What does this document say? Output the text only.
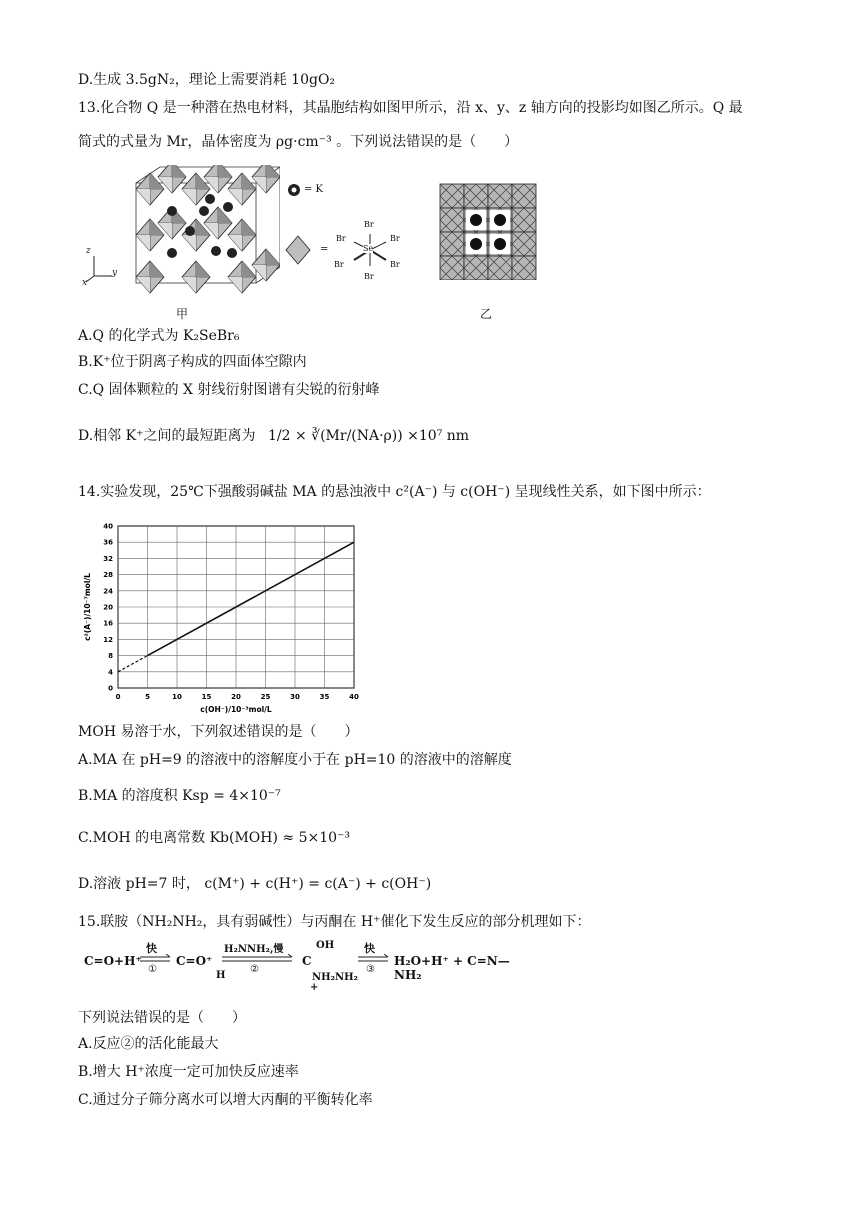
D.生成 3.5gN₂，理论上需要消耗 10gO₂
13.化合物 Q 是一种潜在热电材料，其晶胞结构如图甲所示，沿 x、y、z 轴方向的投影均如图乙所示。Q 最
简式的式量为 Mr，晶体密度为 ρg·cm⁻³ 。下列说法错误的是（　　）
z
y
x
甲
= K
=
Br
Br	Br
Se
Br	Br
Br
乙
A.Q 的化学式为 K₂SeBr₆
B.K⁺位于阴离子构成的四面体空隙内
C.Q 固体颗粒的 X 射线衍射图谱有尖锐的衍射峰
D.相邻 K⁺之间的最短距离为 1/2 × ∛(Mr/(NA·ρ)) ×10⁷ nm
14.实验发现，25℃下强酸弱碱盐 MA 的悬浊液中 c²(A⁻) 与 c(OH⁻) 呈现线性关系，如下图中所示：
0	5	10	15	20	25	30	35	40
0
4
8
12
16
20
24
28
32
36
40
c(OH⁻)/10⁻³mol/L
c²(A⁻)/10⁻⁷mol/L
MOH 易溶于水，下列叙述错误的是（　　）
A.MA 在 pH=9 的溶液中的溶解度小于在 pH=10 的溶液中的溶解度
B.MA 的溶度积 Ksp = 4×10⁻⁷
C.MOH 的电离常数 Kb(MOH) ≈ 5×10⁻³
D.溶液 pH=7 时， c(M⁺) + c(H⁺) = c(A⁻) + c(OH⁻)
15.联胺（NH₂NH₂，具有弱碱性）与丙酮在 H⁺催化下发生反应的部分机理如下：
C=O+H⁺
快
①
C=O⁺
H
H₂NNH₂,慢
②
OH
C
NH₂NH₂
+
快
③
H₂O+H⁺ + C=N—NH₂
下列说法错误的是（　　）
A.反应②的活化能最大
B.增大 H⁺浓度一定可加快反应速率
C.通过分子筛分离水可以增大丙酮的平衡转化率
